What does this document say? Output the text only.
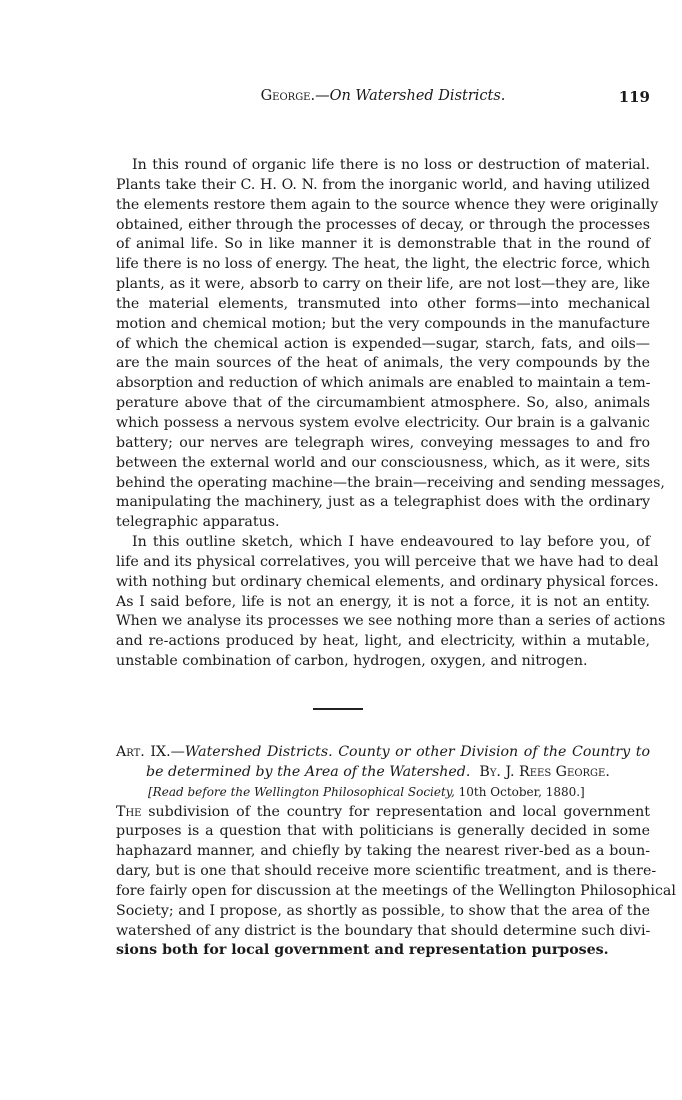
George.—On Watershed Districts.	119
In this round of organic life there is no loss or destruction of material.
Plants take their C. H. O. N. from the inorganic world, and having utilized
the elements restore them again to the source whence they were originally
obtained, either through the processes of decay, or through the processes
of animal life. So in like manner it is demonstrable that in the round of
life there is no loss of energy. The heat, the light, the electric force, which
plants, as it were, absorb to carry on their life, are not lost—they are, like
the material elements, transmuted into other forms—into mechanical
motion and chemical motion; but the very compounds in the manufacture
of which the chemical action is expended—sugar, starch, fats, and oils—
are the main sources of the heat of animals, the very compounds by the
absorption and reduction of which animals are enabled to maintain a tem-
perature above that of the circumambient atmosphere. So, also, animals
which possess a nervous system evolve electricity. Our brain is a galvanic
battery; our nerves are telegraph wires, conveying messages to and fro
between the external world and our consciousness, which, as it were, sits
behind the operating machine—the brain—receiving and sending messages,
manipulating the machinery, just as a telegraphist does with the ordinary
telegraphic apparatus.
In this outline sketch, which I have endeavoured to lay before you, of
life and its physical correlatives, you will perceive that we have had to deal
with nothing but ordinary chemical elements, and ordinary physical forces.
As I said before, life is not an energy, it is not a force, it is not an entity.
When we analyse its processes we see nothing more than a series of actions
and re-actions produced by heat, light, and electricity, within a mutable,
unstable combination of carbon, hydrogen, oxygen, and nitrogen.
Art. IX.—Watershed Districts. County or other Division of the Country to
be determined by the Area of the Watershed. By. J. Rees George.
[Read before the Wellington Philosophical Society, 10th October, 1880.]
The subdivision of the country for representation and local government
purposes is a question that with politicians is generally decided in some
haphazard manner, and chiefly by taking the nearest river-bed as a boun-
dary, but is one that should receive more scientific treatment, and is there-
fore fairly open for discussion at the meetings of the Wellington Philosophical
Society; and I propose, as shortly as possible, to show that the area of the
watershed of any district is the boundary that should determine such divi-
sions both for local government and representation purposes.
